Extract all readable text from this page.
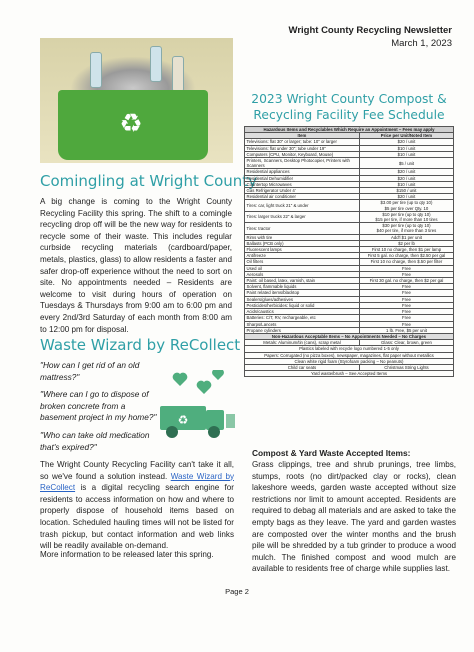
Wright County Recycling Newsletter
March 1, 2023
♻
Comingling at Wright County
A big change is coming to the Wright County Recycling Facility this spring. The shift to a comingle recycling drop off will be the new way for residents to recycle some of their waste. This includes regular curbside recycling materials (cardboard/paper, metals, plastics, glass) to allow residents a faster and safer drop-off experience without the need to sort on site. No appointments needed – Residents are welcome to visit during hours of operation on Tuesdays & Thursdays from 9:00 am to 6:00 pm and every 2nd/3rd Saturday of each month from 8:00 am to 12:00 pm for disposal.
Waste Wizard by ReCollect

"How can I get rid of an old mattress?"

"Where can I go to dispose of broken concrete from a basement project in my home?"

"Who can take old medication that's expired?"

♻
The Wright County Recycling Facility can't take it all, so we've found a solution instead. Waste Wizard by ReCollect is a digital recycling search engine for residents to access information on how and where to properly dispose of household items based on location. Scheduled hauling times will not be listed for trash pickup, but contact information and web links will be readily available on-demand.
More information to be released later this spring.
2023 Wright County Compost & Recycling Facility Fee Schedule
Hazardous Items and Recyclables Which Require an Appointment – Fees may apply	
Item	Price per Unit/Noted Item
Televisions: flat 30" or larger; tube: 10" or larger	$20 / unit
Televisions: flat under 30"; tube under 19"	$10 / unit
Computers (CPU, Monitor, Keyboard, Mouse)	$10 / unit
Printers, Scanners, Desktop Photocopier, Printers with Scanners	$5 / unit
Residential appliances	$20 / unit
Residential Dehumidifier	$20 / unit
Countertop Microwaves	$10 / unit
Gas Refrigerator Under 4'	$150 / unit
Residential air conditioner	$20 / unit
Tires: car, light truck 21" & under	$3.00 per tire (up to qty 10)
$5 per tire over Qty. 10
Tires: larger trucks 22" & larger	$10 per tire (up to qty 10)
$15 per tire, if more than 10 tires
Tires: tractor	$30 per tire (up to qty 10)
$40 per tire, if more than 3 tires
Rims with tire	Add'l $1 per unit
Ballasts (PCB only)	$2 per lb
Fluorescent lamps	First 10 no charge, then $1 per lamp
Antifreeze	First 5 gal. no charge, then $2.50 per gal
Oil filters	First 10 no charge, then $.50 per filter
Used oil	Free
Aerosols	Free
Paint: oil based, latex, varnish, stain	First 30 gal. no charge, then $2 per gal
Solvent, flammable liquids	Free
Paint related items/blacktop	Free
Sealers/glues/adhesives	Free
Pesticides/herbicides: liquid or solid	Free
Acids/caustics	Free
Batteries: C/T, RV, rechargeable, etc	Free
Sharps/Lancets	Free
Propane cylinders	1 lb. Free, $5 per unit
Non-Hazardous Acceptable Items – No Appointments Needed – No Charges	
Metals: Aluminum/tin (cans), scrap metal	Glass: Clear, brown, green
Plastics labeled with recycle logo numbered 1-5 only	
Papers: Corrugated (no pizza boxes), newspaper, magazines, flat paper without metallics	
Clean white rigid foam (Styrofoam packing – No peanuts)	
Child car seats	Christmas String Lights
Yard waste/brush – See Accepted Items	
Compost & Yard Waste Accepted Items:
Grass clippings, tree and shrub prunings, tree limbs, stumps, roots (no dirt/packed clay or rocks), clean lakeshore weeds, garden waste accepted without size restrictions nor limit to amount accepted. Residents are required to debag all materials and are asked to take the empty bags as they leave. The yard and garden wastes are composted over the winter months and the brush pile will be shredded by a tub grinder to produce a wood mulch. The finished compost and wood mulch are available to residents free of charge while supplies last.
Page 2
